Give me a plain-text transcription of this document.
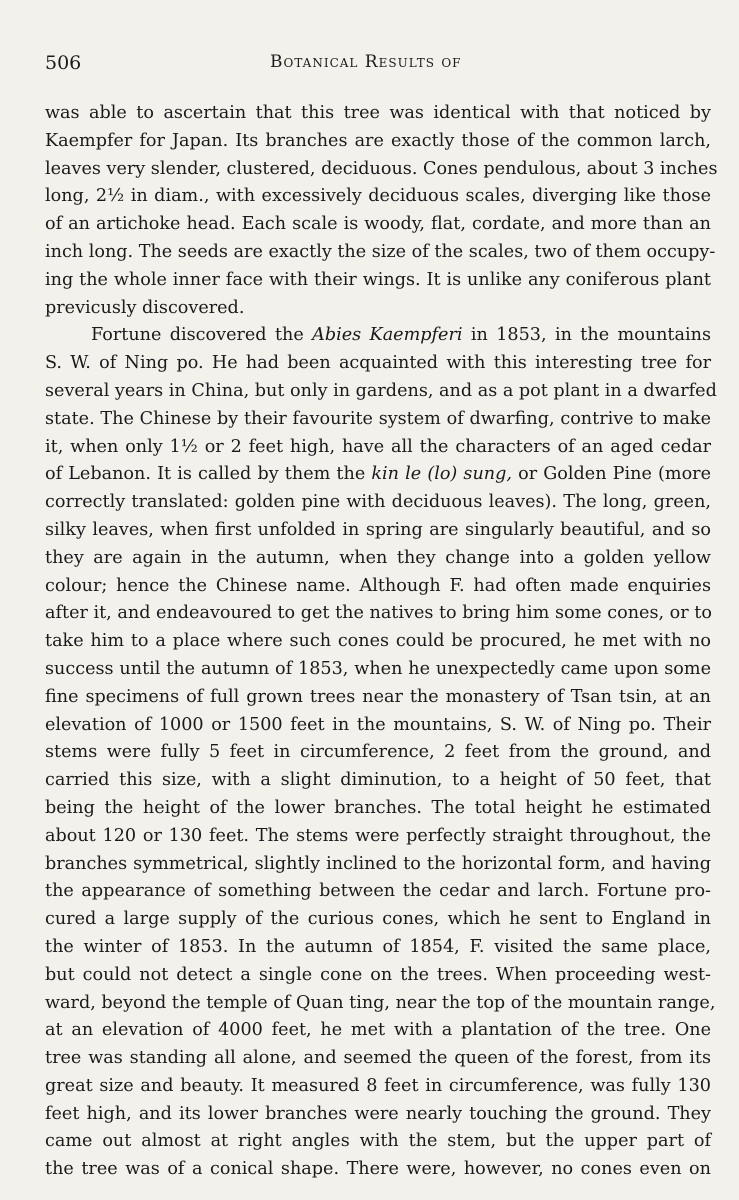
506	Botanical Results of
was able to ascertain that this tree was identical with that noticed by
Kaempfer for Japan. Its branches are exactly those of the common larch,
leaves very slender, clustered, deciduous. Cones pendulous, about 3 inches
long, 2½ in diam., with excessively deciduous scales, diverging like those
of an artichoke head. Each scale is woody, flat, cordate, and more than an
inch long. The seeds are exactly the size of the scales, two of them occupy-
ing the whole inner face with their wings. It is unlike any coniferous plant
previcusly discovered.
Fortune discovered the Abies Kaempferi in 1853, in the mountains
S. W. of Ning po. He had been acquainted with this interesting tree for
several years in China, but only in gardens, and as a pot plant in a dwarfed
state. The Chinese by their favourite system of dwarfing, contrive to make
it, when only 1½ or 2 feet high, have all the characters of an aged cedar
of Lebanon. It is called by them the kin le (lo) sung, or Golden Pine (more
correctly translated: golden pine with deciduous leaves). The long, green,
silky leaves, when first unfolded in spring are singularly beautiful, and so
they are again in the autumn, when they change into a golden yellow
colour; hence the Chinese name. Although F. had often made enquiries
after it, and endeavoured to get the natives to bring him some cones, or to
take him to a place where such cones could be procured, he met with no
success until the autumn of 1853, when he unexpectedly came upon some
fine specimens of full grown trees near the monastery of Tsan tsin, at an
elevation of 1000 or 1500 feet in the mountains, S. W. of Ning po. Their
stems were fully 5 feet in circumference, 2 feet from the ground, and
carried this size, with a slight diminution, to a height of 50 feet, that
being the height of the lower branches. The total height he estimated
about 120 or 130 feet. The stems were perfectly straight throughout, the
branches symmetrical, slightly inclined to the horizontal form, and having
the appearance of something between the cedar and larch. Fortune pro-
cured a large supply of the curious cones, which he sent to England in
the winter of 1853. In the autumn of 1854, F. visited the same place,
but could not detect a single cone on the trees. When proceeding west-
ward, beyond the temple of Quan ting, near the top of the mountain range,
at an elevation of 4000 feet, he met with a plantation of the tree. One
tree was standing all alone, and seemed the queen of the forest, from its
great size and beauty. It measured 8 feet in circumference, was fully 130
feet high, and its lower branches were nearly touching the ground. They
came out almost at right angles with the stem, but the upper part of
the tree was of a conical shape. There were, however, no cones even on
